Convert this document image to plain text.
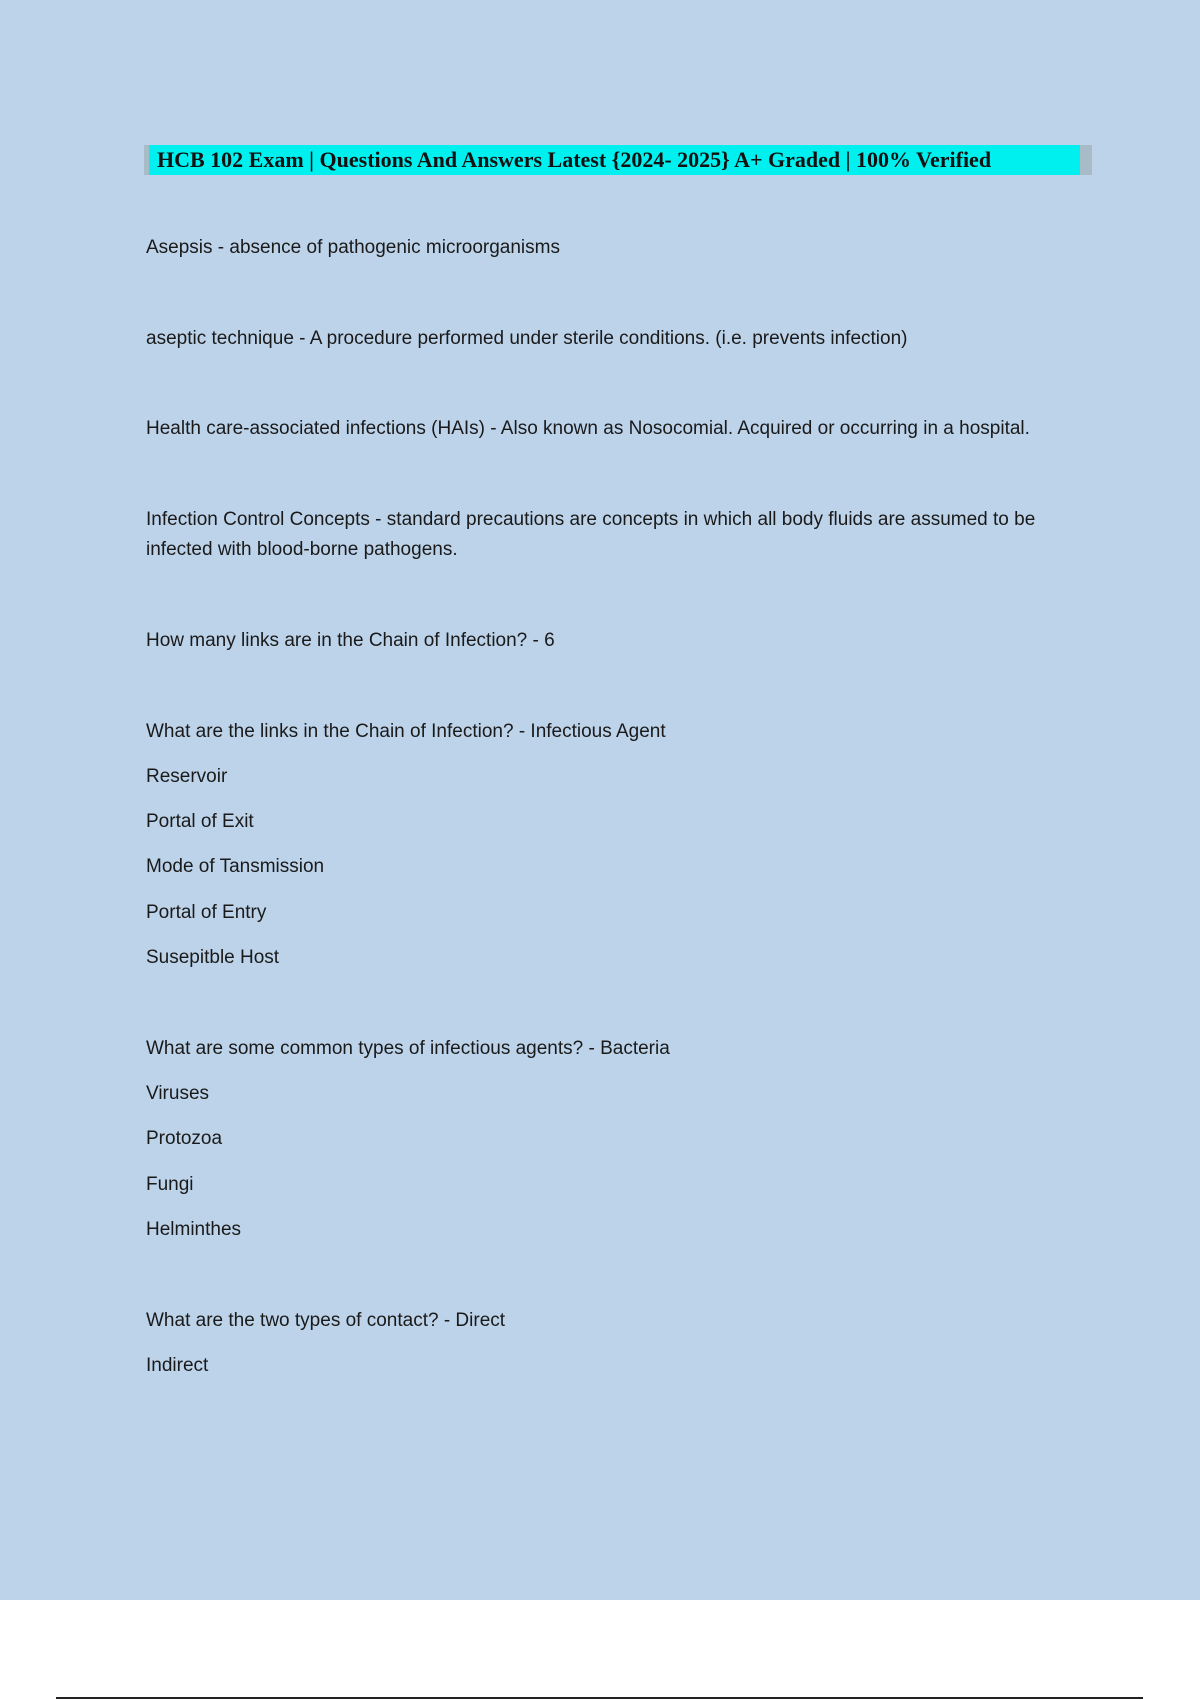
HCB 102 Exam | Questions And Answers Latest {2024- 2025} A+ Graded | 100% Verified

Asepsis - absence of pathogenic microorganisms

aseptic technique - A procedure performed under sterile conditions. (i.e. prevents infection)

Health care-associated infections (HAIs) - Also known as Nosocomial. Acquired or occurring in a hospital.

Infection Control Concepts - standard precautions are concepts in which all body fluids are assumed to be infected with blood-borne pathogens.

How many links are in the Chain of Infection? - 6

What are the links in the Chain of Infection? - Infectious Agent
Reservoir
Portal of Exit
Mode of Tansmission
Portal of Entry
Susepitble Host
What are some common types of infectious agents? - Bacteria
Viruses
Protozoa
Fungi
Helminthes
What are the two types of contact? - Direct
Indirect
